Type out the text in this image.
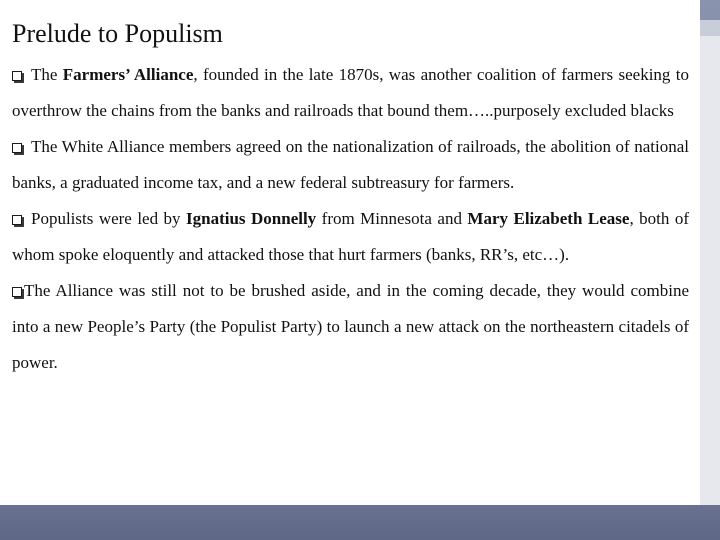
Prelude to Populism

The Farmers’ Alliance, founded in the late 1870s, was another coalition of farmers seeking to overthrow the chains from the banks and railroads that bound them…..purposely excluded blacks

The White Alliance members agreed on the nationalization of railroads, the abolition of national banks, a graduated income tax, and a new federal subtreasury for farmers.

Populists were led by Ignatius Donnelly from Minnesota and Mary Elizabeth Lease, both of whom spoke eloquently and attacked those that hurt farmers (banks, RR’s, etc…).

The Alliance was still not to be brushed aside, and in the coming decade, they would combine into a new People’s Party (the Populist Party) to launch a new attack on the northeastern citadels of power.
